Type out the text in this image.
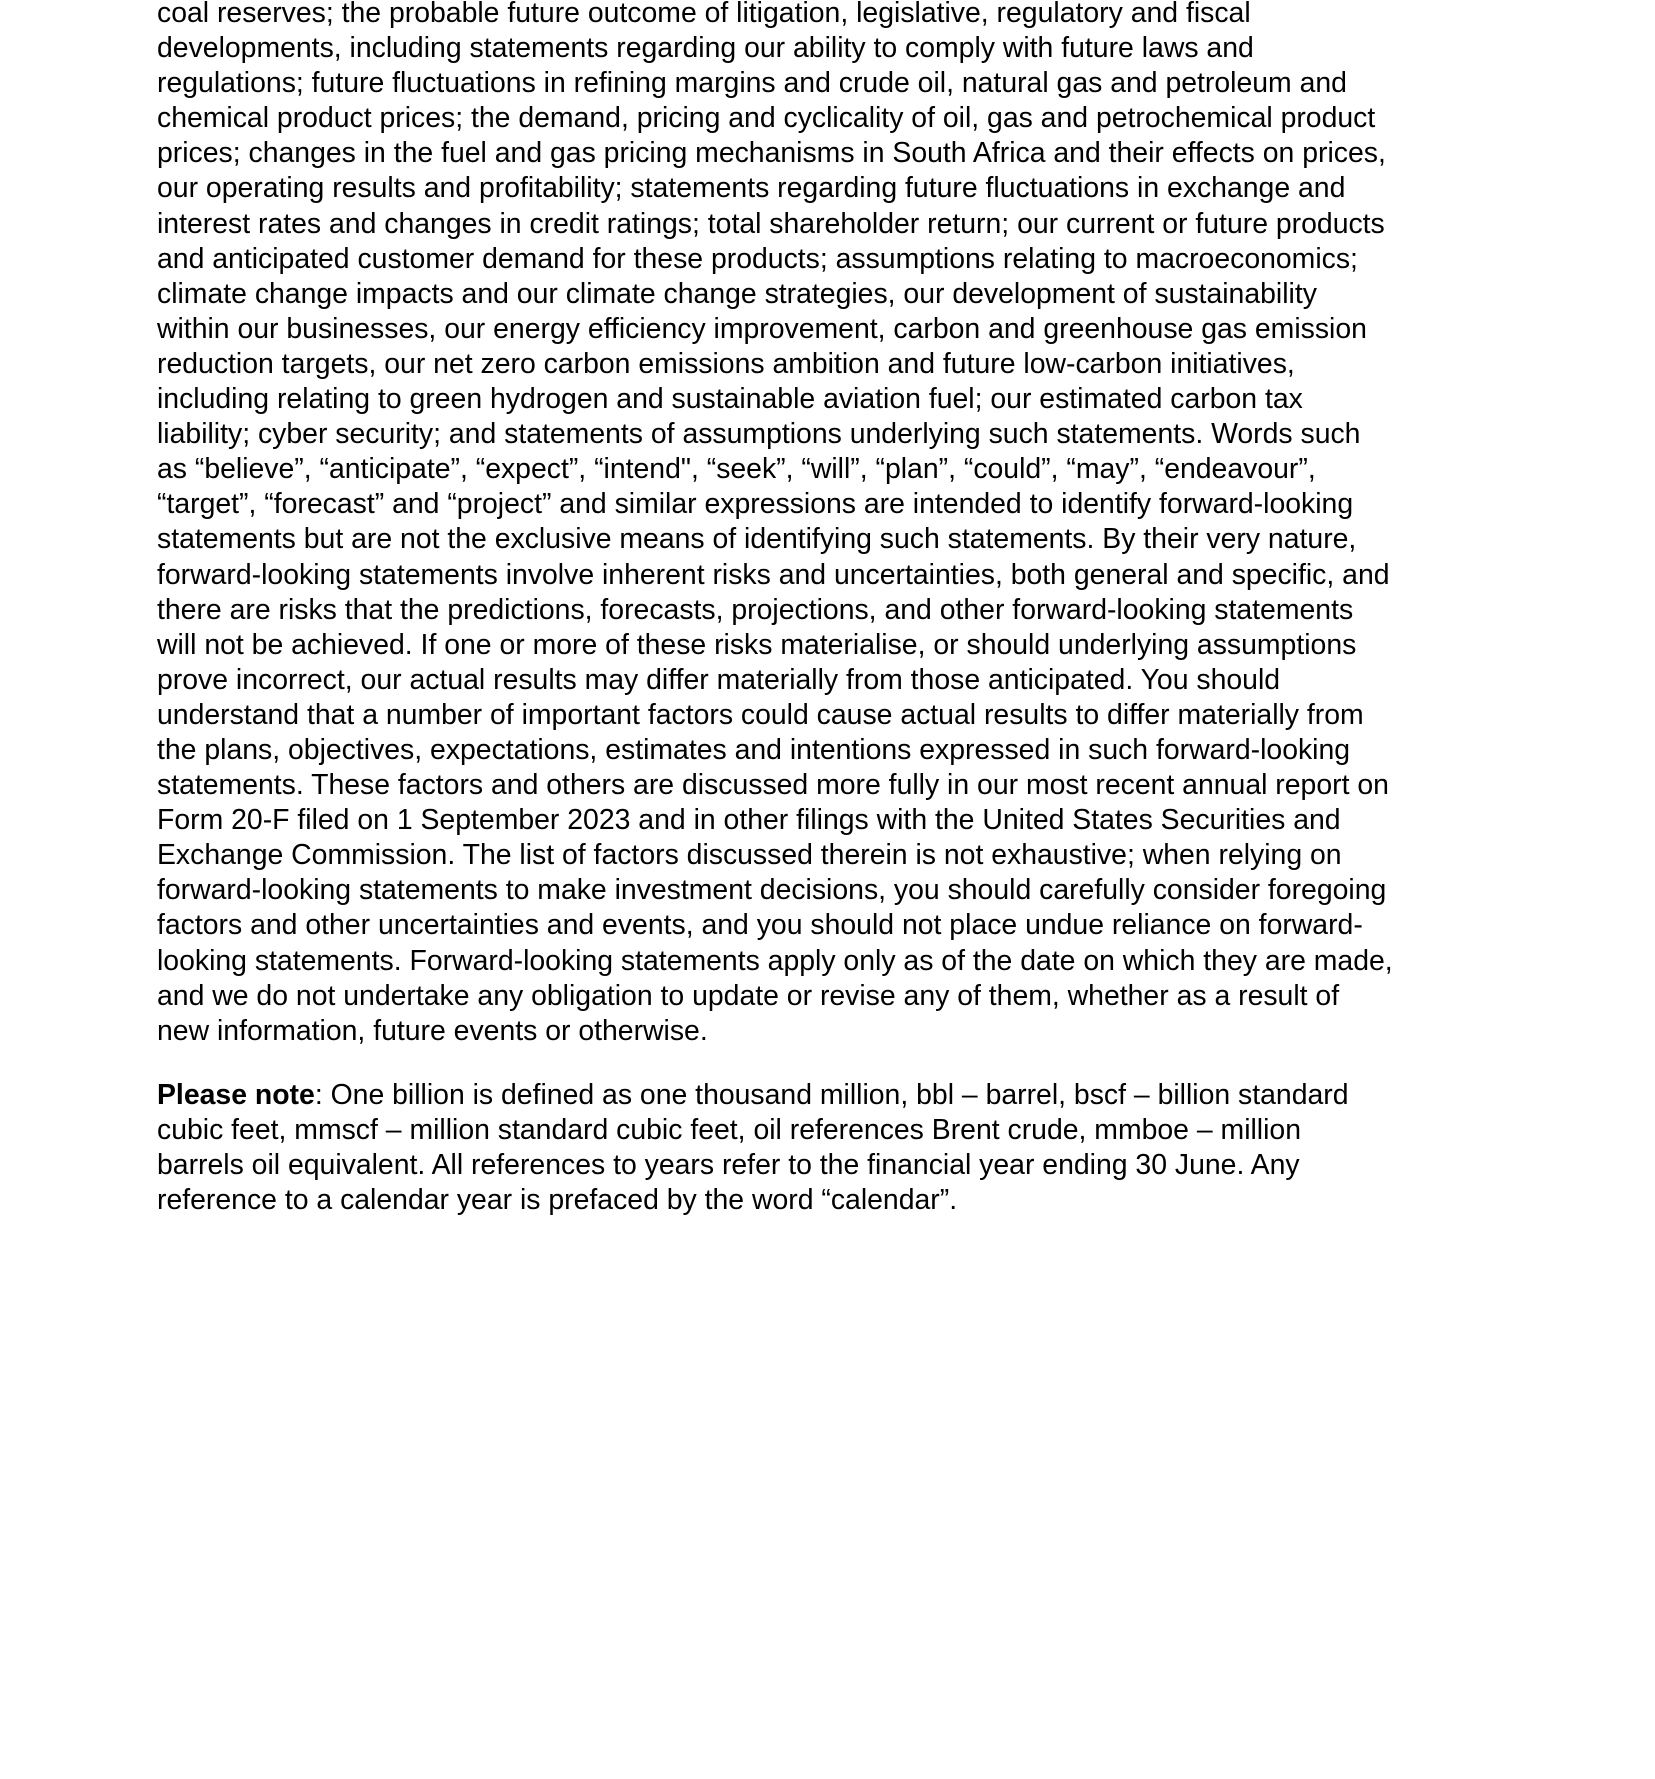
coal reserves; the probable future outcome of litigation, legislative, regulatory and fiscal
developments, including statements regarding our ability to comply with future laws and
regulations; future fluctuations in refining margins and crude oil, natural gas and petroleum and
chemical product prices; the demand, pricing and cyclicality of oil, gas and petrochemical product
prices; changes in the fuel and gas pricing mechanisms in South Africa and their effects on prices,
our operating results and profitability; statements regarding future fluctuations in exchange and
interest rates and changes in credit ratings; total shareholder return; our current or future products
and anticipated customer demand for these products; assumptions relating to macroeconomics;
climate change impacts and our climate change strategies, our development of sustainability
within our businesses, our energy efficiency improvement, carbon and greenhouse gas emission
reduction targets, our net zero carbon emissions ambition and future low-carbon initiatives,
including relating to green hydrogen and sustainable aviation fuel; our estimated carbon tax
liability; cyber security; and statements of assumptions underlying such statements. Words such
as “believe”, “anticipate”, “expect”, “intend", “seek”, “will”, “plan”, “could”, “may”, “endeavour”,
“target”, “forecast” and “project” and similar expressions are intended to identify forward-looking
statements but are not the exclusive means of identifying such statements. By their very nature,
forward-looking statements involve inherent risks and uncertainties, both general and specific, and
there are risks that the predictions, forecasts, projections, and other forward-looking statements
will not be achieved. If one or more of these risks materialise, or should underlying assumptions
prove incorrect, our actual results may differ materially from those anticipated. You should
understand that a number of important factors could cause actual results to differ materially from
the plans, objectives, expectations, estimates and intentions expressed in such forward-looking
statements. These factors and others are discussed more fully in our most recent annual report on
Form 20-F filed on 1 September 2023 and in other filings with the United States Securities and
Exchange Commission. The list of factors discussed therein is not exhaustive; when relying on
forward-looking statements to make investment decisions, you should carefully consider foregoing
factors and other uncertainties and events, and you should not place undue reliance on forward-
looking statements. Forward-looking statements apply only as of the date on which they are made,
and we do not undertake any obligation to update or revise any of them, whether as a result of
new information, future events or otherwise.
Please note: One billion is defined as one thousand million, bbl – barrel, bscf – billion standard
cubic feet, mmscf – million standard cubic feet, oil references Brent crude, mmboe – million
barrels oil equivalent. All references to years refer to the financial year ending 30 June. Any
reference to a calendar year is prefaced by the word “calendar”.
